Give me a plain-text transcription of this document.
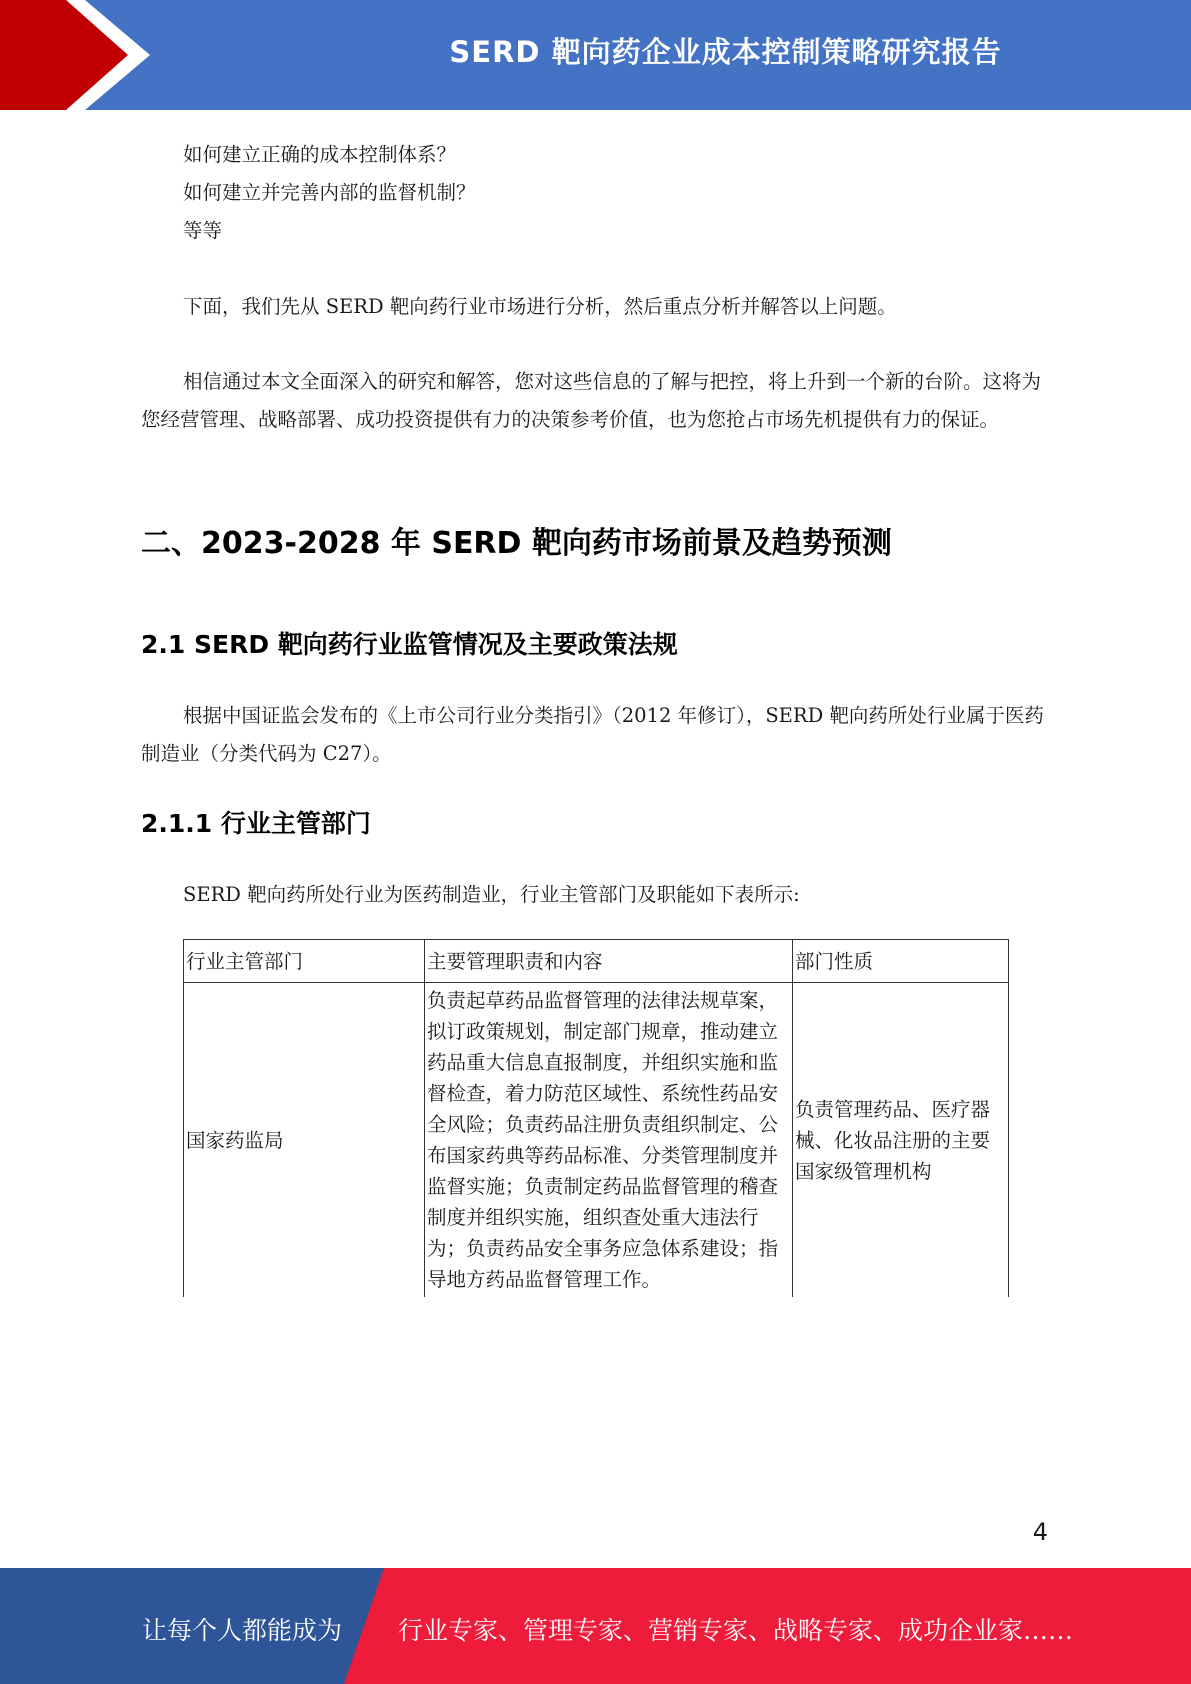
SERD 靶向药企业成本控制策略研究报告

如何建立正确的成本控制体系？

如何建立并完善内部的监督机制？

等等

下面，我们先从 SERD 靶向药行业市场进行分析，然后重点分析并解答以上问题。

相信通过本文全面深入的研究和解答，您对这些信息的了解与把控，将上升到一个新的台阶。这将为您经营管理、战略部署、成功投资提供有力的决策参考价值，也为您抢占市场先机提供有力的保证。

二、2023-2028 年 SERD 靶向药市场前景及趋势预测
2.1 SERD 靶向药行业监管情况及主要政策法规

根据中国证监会发布的《上市公司行业分类指引》（2012 年修订），SERD 靶向药所处行业属于医药制造业（分类代码为 C27）。

2.1.1 行业主管部门

SERD 靶向药所处行业为医药制造业，行业主管部门及职能如下表所示:

行业主管部门	主要管理职责和内容	部门性质
国家药监局	负责起草药品监督管理的法律法规草案，拟订政策规划，制定部门规章，推动建立药品重大信息直报制度，并组织实施和监督检查，着力防范区域性、系统性药品安全风险；负责药品注册负责组织制定、公布国家药典等药品标准、分类管理制度并监督实施；负责制定药品监督管理的稽查制度并组织实施，组织查处重大违法行为；负责药品安全事务应急体系建设；指导地方药品监督管理工作。	负责管理药品、医疗器械、化妆品注册的主要国家级管理机构
4
让每个人都能成为 行业专家、管理专家、营销专家、战略专家、成功企业家……
